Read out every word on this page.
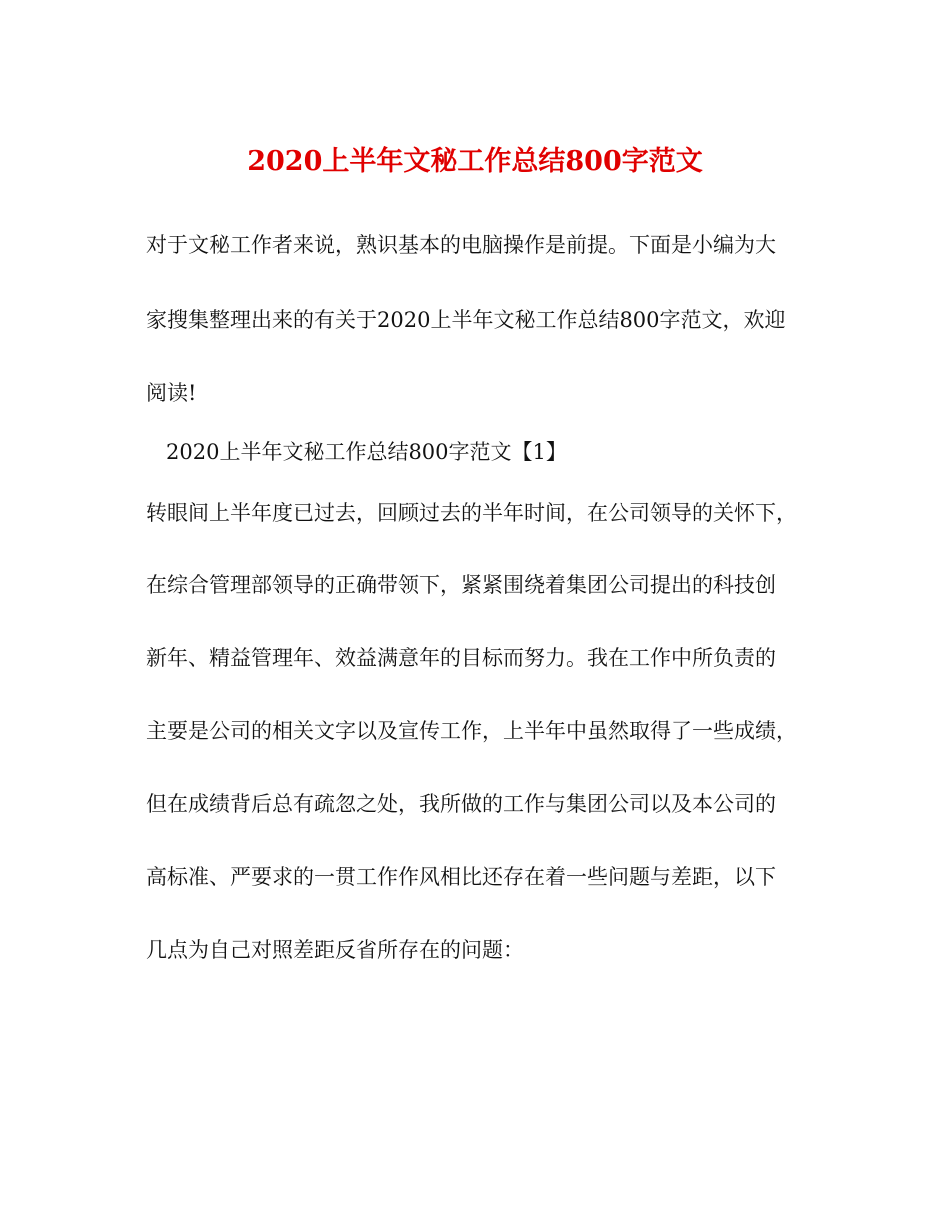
2020上半年文秘工作总结800字范文

对于文秘工作者来说，熟识基本的电脑操作是前提。下面是小编为大

家搜集整理出来的有关于2020上半年文秘工作总结800字范文，欢迎

阅读!

2020上半年文秘工作总结800字范文【1】

转眼间上半年度已过去，回顾过去的半年时间，在公司领导的关怀下，

在综合管理部领导的正确带领下，紧紧围绕着集团公司提出的科技创

新年、精益管理年、效益满意年的目标而努力。我在工作中所负责的

主要是公司的相关文字以及宣传工作，上半年中虽然取得了一些成绩，

但在成绩背后总有疏忽之处，我所做的工作与集团公司以及本公司的

高标准、严要求的一贯工作作风相比还存在着一些问题与差距，以下

几点为自己对照差距反省所存在的问题：
